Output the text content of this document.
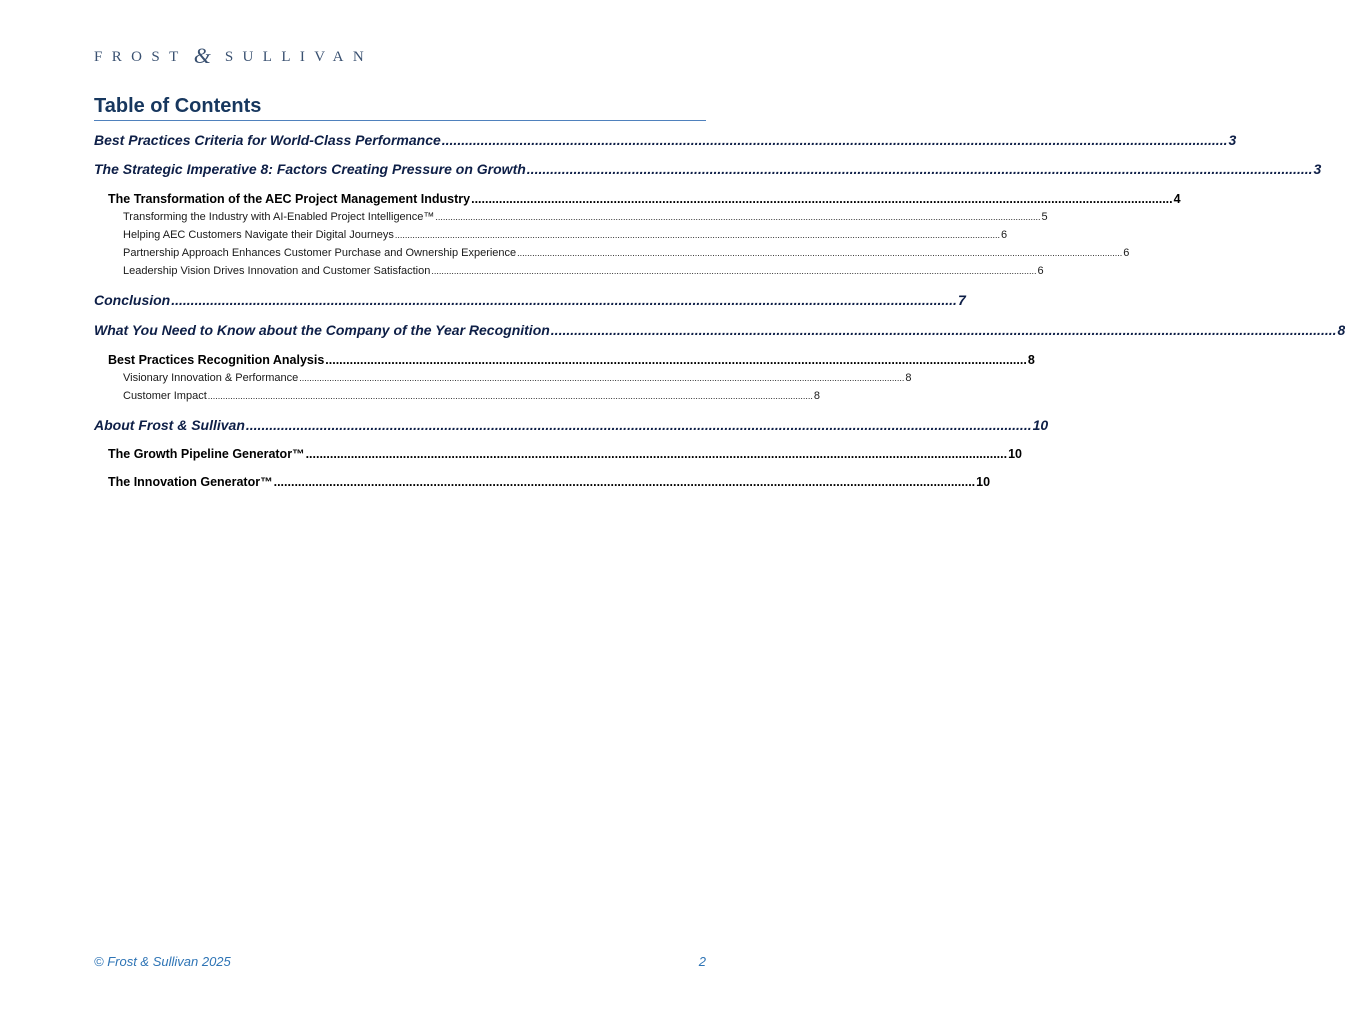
FROST & SULLIVAN
Table of Contents
Best Practices Criteria for World-Class Performance .......................................................................................................................................................................................................... 3
The Strategic Imperative 8: Factors Creating Pressure on Growth .......................................................................................................................................................................................................... 3
The Transformation of the AEC Project Management Industry .......................................................................................................................................................................................................... 4
Transforming the Industry with AI-Enabled Project Intelligence™ .................................................................................................................................................................................................................................................. 5
Helping AEC Customers Navigate their Digital Journeys .................................................................................................................................................................................................................................................. 6
Partnership Approach Enhances Customer Purchase and Ownership Experience .................................................................................................................................................................................................................................................. 6
Leadership Vision Drives Innovation and Customer Satisfaction .................................................................................................................................................................................................................................................. 6
Conclusion .......................................................................................................................................................................................................... 7
What You Need to Know about the Company of the Year Recognition .......................................................................................................................................................................................................... 8
Best Practices Recognition Analysis .......................................................................................................................................................................................................... 8
Visionary Innovation & Performance .................................................................................................................................................................................................................................................. 8
Customer Impact .................................................................................................................................................................................................................................................. 8
About Frost & Sullivan .......................................................................................................................................................................................................... 10
The Growth Pipeline Generator™ .......................................................................................................................................................................................................... 10
The Innovation Generator™ .......................................................................................................................................................................................................... 10
© Frost & Sullivan 2025	2
